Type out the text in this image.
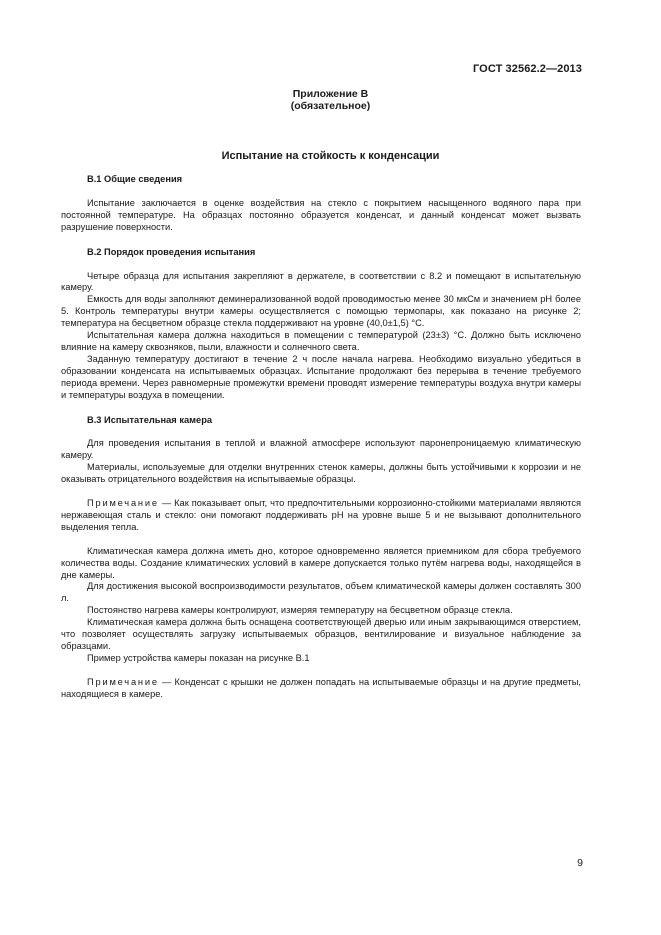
ГОСТ 32562.2—2013
Приложение В
(обязательное)
Испытание на стойкость к конденсации
В.1 Общие сведения

Испытание заключается в оценке воздействия на стекло с покрытием насыщенного водяного пара при постоянной температуре. На образцах постоянно образуется конденсат, и данный конденсат может вызвать разрушение поверхности.

В.2 Порядок проведения испытания

Четыре образца для испытания закрепляют в держателе, в соответствии с 8.2 и помещают в испытательную камеру.

Емкость для воды заполняют деминерализованной водой проводимостью менее 30 мкСм и значением pH более 5. Контроль температуры внутри камеры осуществляется с помощью термопары, как показано на рисунке 2; температура на бесцветном образце стекла поддерживают на уровне (40,0±1,5) °С.

Испытательная камера должна находиться в помещении с температурой (23±3) °С. Должно быть исключено влияние на камеру сквозняков, пыли, влажности и солнечного света.

Заданную температуру достигают в течение 2 ч после начала нагрева. Необходимо визуально убедиться в образовании конденсата на испытываемых образцах. Испытание продолжают без перерыва в течение требуемого периода времени. Через равномерные промежутки времени проводят измерение температуры воздуха внутри камеры и температуры воздуха в помещении.

В.3 Испытательная камера

Для проведения испытания в теплой и влажной атмосфере используют паронепроницаемую климатическую камеру.

Материалы, используемые для отделки внутренних стенок камеры, должны быть устойчивыми к коррозии и не оказывать отрицательного воздействия на испытываемые образцы.

Примечание — Как показывает опыт, что предпочтительными коррозионно-стойкими материалами являются нержавеющая сталь и стекло: они помогают поддерживать pH на уровне выше 5 и не вызывают дополнительного выделения тепла.

Климатическая камера должна иметь дно, которое одновременно является приемником для сбора требуемого количества воды. Создание климатических условий в камере допускается только путём нагрева воды, находящейся в дне камеры.

Для достижения высокой воспроизводимости результатов, объем климатической камеры должен составлять 300 л.

Постоянство нагрева камеры контролируют, измеряя температуру на бесцветном образце стекла.

Климатическая камера должна быть оснащена соответствующей дверью или иным закрывающимся отверстием, что позволяет осуществлять загрузку испытываемых образцов, вентилирование и визуальное наблюдение за образцами.

Пример устройства камеры показан на рисунке В.1

Примечание — Конденсат с крышки не должен попадать на испытываемые образцы и на другие предметы, находящиеся в камере.

9
